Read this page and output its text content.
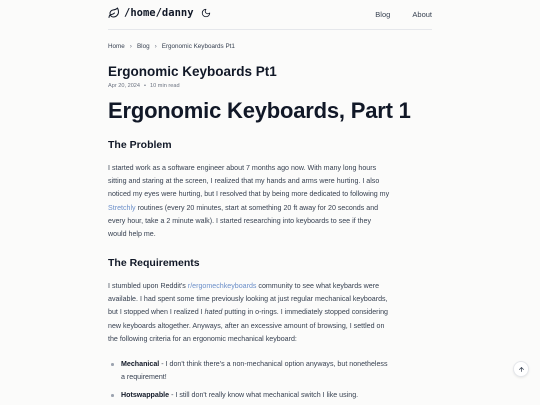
/home/danny	Blog	About
Home › Blog › Ergonomic Keyboards Pt1
Ergonomic Keyboards Pt1
Apr 20, 2024 • 10 min read
Ergonomic Keyboards, Part 1
The Problem
I started work as a software engineer about 7 months ago now. With many long hours
sitting and staring at the screen, I realized that my hands and arms were hurting. I also
noticed my eyes were hurting, but I resolved that by being more dedicated to following my
Stretchly routines (every 20 minutes, start at something 20 ft away for 20 seconds and
every hour, take a 2 minute walk). I started researching into keyboards to see if they
would help me.
The Requirements
I stumbled upon Reddit's r/ergomechkeyboards community to see what keybards were
available. I had spent some time previously looking at just regular mechanical keyboards,
but I stopped when I realized I hated putting in o-rings. I immediately stopped considering
new keyboards altogether. Anyways, after an excessive amount of browsing, I settled on
the following criteria for an ergonomic mechanical keyboard:
Mechanical - I don't think there's a non-mechanical option anyways, but nonetheless
a requirement!
Hotswappable - I still don't really know what mechanical switch I like using.
